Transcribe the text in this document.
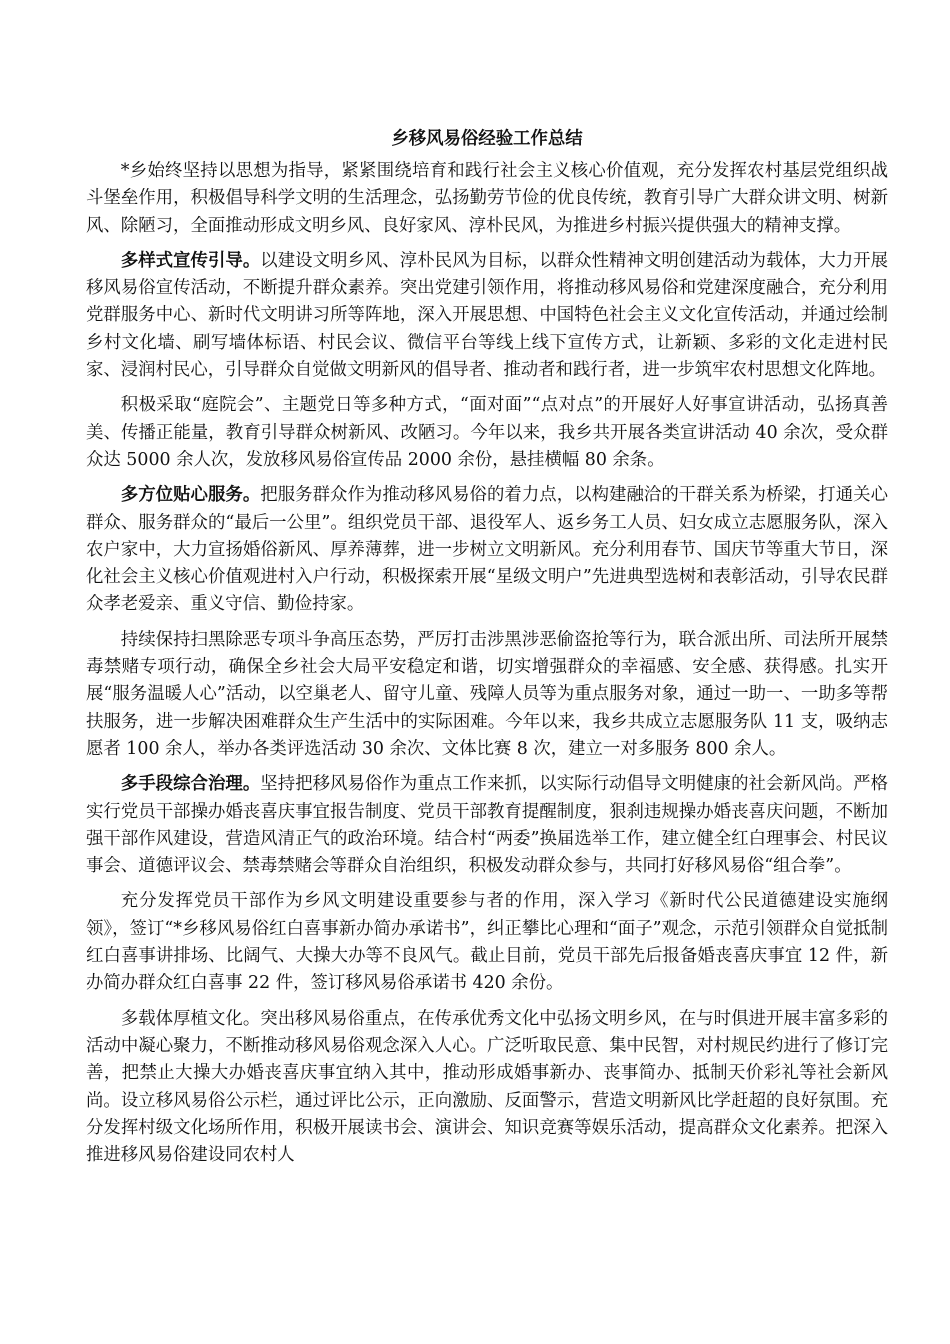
乡移风易俗经验工作总结

*乡始终坚持以思想为指导，紧紧围绕培育和践行社会主义核心价值观，充分发挥农村基层党组织战斗堡垒作用，积极倡导科学文明的生活理念，弘扬勤劳节俭的优良传统，教育引导广大群众讲文明、树新风、除陋习，全面推动形成文明乡风、良好家风、淳朴民风，为推进乡村振兴提供强大的精神支撑。

多样式宣传引导。以建设文明乡风、淳朴民风为目标，以群众性精神文明创建活动为载体，大力开展移风易俗宣传活动，不断提升群众素养。突出党建引领作用，将推动移风易俗和党建深度融合，充分利用党群服务中心、新时代文明讲习所等阵地，深入开展思想、中国特色社会主义文化宣传活动，并通过绘制乡村文化墙、刷写墙体标语、村民会议、微信平台等线上线下宣传方式，让新颖、多彩的文化走进村民家、浸润村民心，引导群众自觉做文明新风的倡导者、推动者和践行者，进一步筑牢农村思想文化阵地。

积极采取“庭院会”、主题党日等多种方式，“面对面”“点对点”的开展好人好事宣讲活动，弘扬真善美、传播正能量，教育引导群众树新风、改陋习。今年以来，我乡共开展各类宣讲活动 40 余次，受众群众达 5000 余人次，发放移风易俗宣传品 2000 余份，悬挂横幅 80 余条。

多方位贴心服务。把服务群众作为推动移风易俗的着力点，以构建融洽的干群关系为桥梁，打通关心群众、服务群众的“最后一公里”。组织党员干部、退役军人、返乡务工人员、妇女成立志愿服务队，深入农户家中，大力宣扬婚俗新风、厚养薄葬，进一步树立文明新风。充分利用春节、国庆节等重大节日，深化社会主义核心价值观进村入户行动，积极探索开展“星级文明户”先进典型选树和表彰活动，引导农民群众孝老爱亲、重义守信、勤俭持家。

持续保持扫黑除恶专项斗争高压态势，严厉打击涉黑涉恶偷盗抢等行为，联合派出所、司法所开展禁毒禁赌专项行动，确保全乡社会大局平安稳定和谐，切实增强群众的幸福感、安全感、获得感。扎实开展“服务温暖人心”活动，以空巢老人、留守儿童、残障人员等为重点服务对象，通过一助一、一助多等帮扶服务，进一步解决困难群众生产生活中的实际困难。今年以来，我乡共成立志愿服务队 11 支，吸纳志愿者 100 余人，举办各类评选活动 30 余次、文体比赛 8 次，建立一对多服务 800 余人。

多手段综合治理。坚持把移风易俗作为重点工作来抓，以实际行动倡导文明健康的社会新风尚。严格实行党员干部操办婚丧喜庆事宜报告制度、党员干部教育提醒制度，狠刹违规操办婚丧喜庆问题，不断加强干部作风建设，营造风清正气的政治环境。结合村“两委”换届选举工作，建立健全红白理事会、村民议事会、道德评议会、禁毒禁赌会等群众自治组织，积极发动群众参与，共同打好移风易俗“组合拳”。

充分发挥党员干部作为乡风文明建设重要参与者的作用，深入学习《新时代公民道德建设实施纲领》，签订“*乡移风易俗红白喜事新办简办承诺书”，纠正攀比心理和“面子”观念，示范引领群众自觉抵制红白喜事讲排场、比阔气、大操大办等不良风气。截止目前，党员干部先后报备婚丧喜庆事宜 12 件，新办简办群众红白喜事 22 件，签订移风易俗承诺书 420 余份。

多载体厚植文化。突出移风易俗重点，在传承优秀文化中弘扬文明乡风，在与时俱进开展丰富多彩的活动中凝心聚力，不断推动移风易俗观念深入人心。广泛听取民意、集中民智，对村规民约进行了修订完善，把禁止大操大办婚丧喜庆事宜纳入其中，推动形成婚事新办、丧事简办、抵制天价彩礼等社会新风尚。设立移风易俗公示栏，通过评比公示，正向激励、反面警示，营造文明新风比学赶超的良好氛围。充分发挥村级文化场所作用，积极开展读书会、演讲会、知识竞赛等娱乐活动，提高群众文化素养。把深入推进移风易俗建设同农村人
